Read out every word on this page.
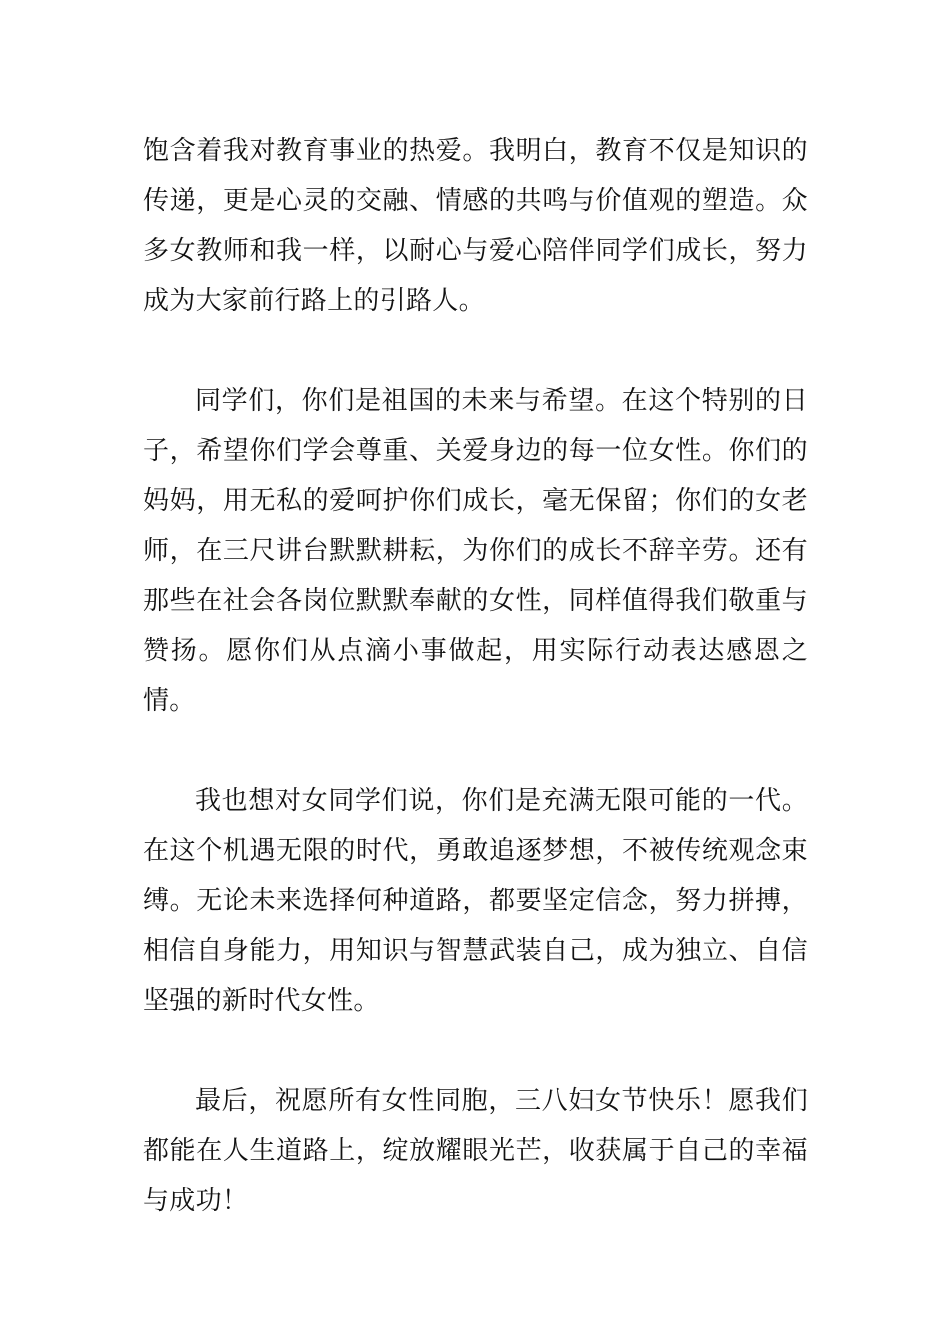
饱含着我对教育事业的热爱。我明白，教育不仅是知识的传递，更是心灵的交融、情感的共鸣与价值观的塑造。众多女教师和我一样，以耐心与爱心陪伴同学们成长，努力成为大家前行路上的引路人。

同学们，你们是祖国的未来与希望。在这个特别的日子，希望你们学会尊重、关爱身边的每一位女性。你们的妈妈，用无私的爱呵护你们成长，毫无保留；你们的女老师，在三尺讲台默默耕耘，为你们的成长不辞辛劳。还有那些在社会各岗位默默奉献的女性，同样值得我们敬重与赞扬。愿你们从点滴小事做起，用实际行动表达感恩之情。

我也想对女同学们说，你们是充满无限可能的一代。在这个机遇无限的时代，勇敢追逐梦想，不被传统观念束缚。无论未来选择何种道路，都要坚定信念，努力拼搏，相信自身能力，用知识与智慧武装自己，成为独立、自信坚强的新时代女性。

最后，祝愿所有女性同胞，三八妇女节快乐！愿我们都能在人生道路上，绽放耀眼光芒，收获属于自己的幸福与成功！
